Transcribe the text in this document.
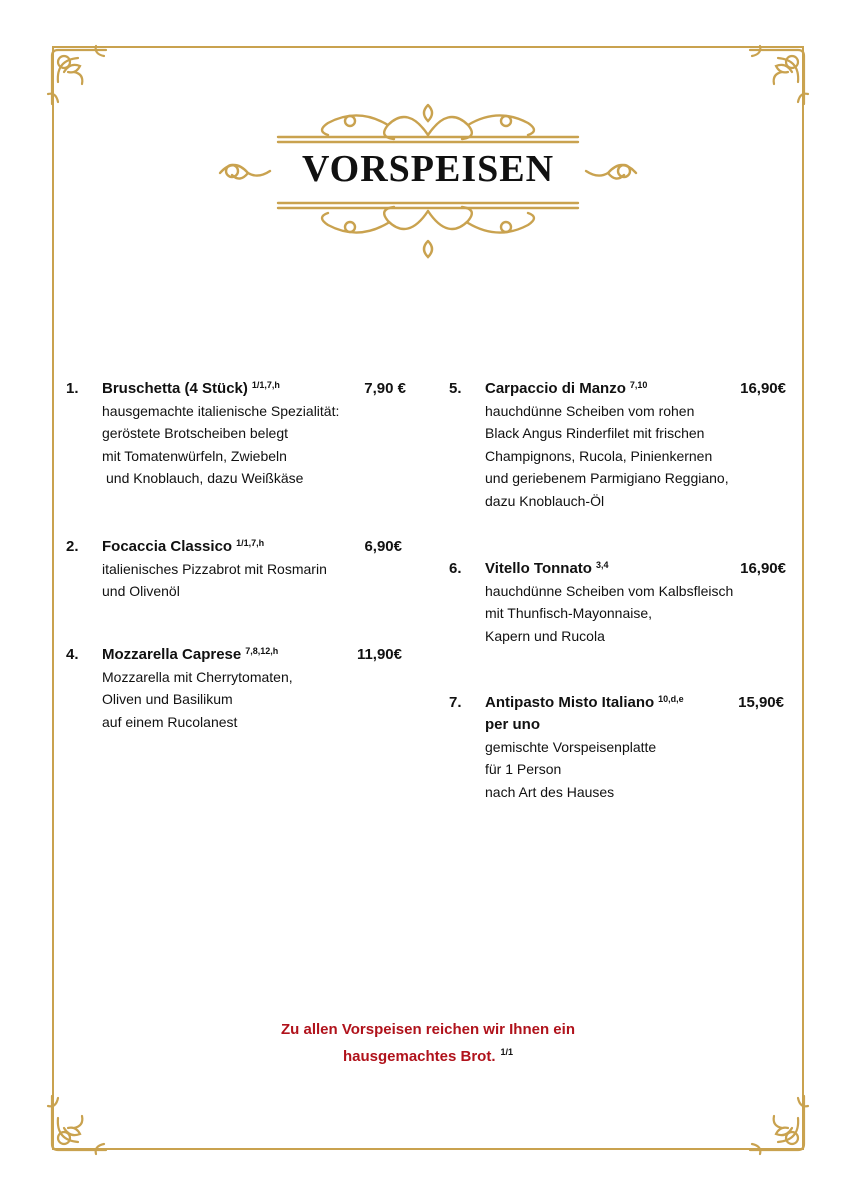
VORSPEISEN
1. Bruschetta (4 Stück) $^{1/1,7,h}$	7,90 €
hausgemachte italienische Spezialität:
geröstete Brotscheiben belegt
mit Tomatenwürfeln, Zwiebeln
und Knoblauch, dazu Weißkäse
2. Focaccia Classico $^{1/1,7,h}$	6,90€
italienisches Pizzabrot mit Rosmarin
und Olivenöl
4. Mozzarella Caprese $^{7,8,12,h}$	11,90€
Mozzarella mit Cherrytomaten,
Oliven und Basilikum
auf einem Rucolanest
5. Carpaccio di Manzo $^{7,10}$	16,90€
hauchdünne Scheiben vom rohen
Black Angus Rinderfilet mit frischen
Champignons, Rucola, Pinienkernen
und geriebenem Parmigiano Reggiano,
dazu Knoblauch-Öl
6. Vitello Tonnato $^{3,4}$	16,90€
hauchdünne Scheiben vom Kalbsfleisch
mit Thunfisch-Mayonnaise,
Kapern und Rucola
7. Antipasto Misto Italiano $^{10,d,e}$	15,90€
per uno
gemischte Vorspeisenplatte
für 1 Person
nach Art des Hauses
Zu allen Vorspeisen reichen wir Ihnen ein
hausgemachtes Brot. $^{1/1}$
